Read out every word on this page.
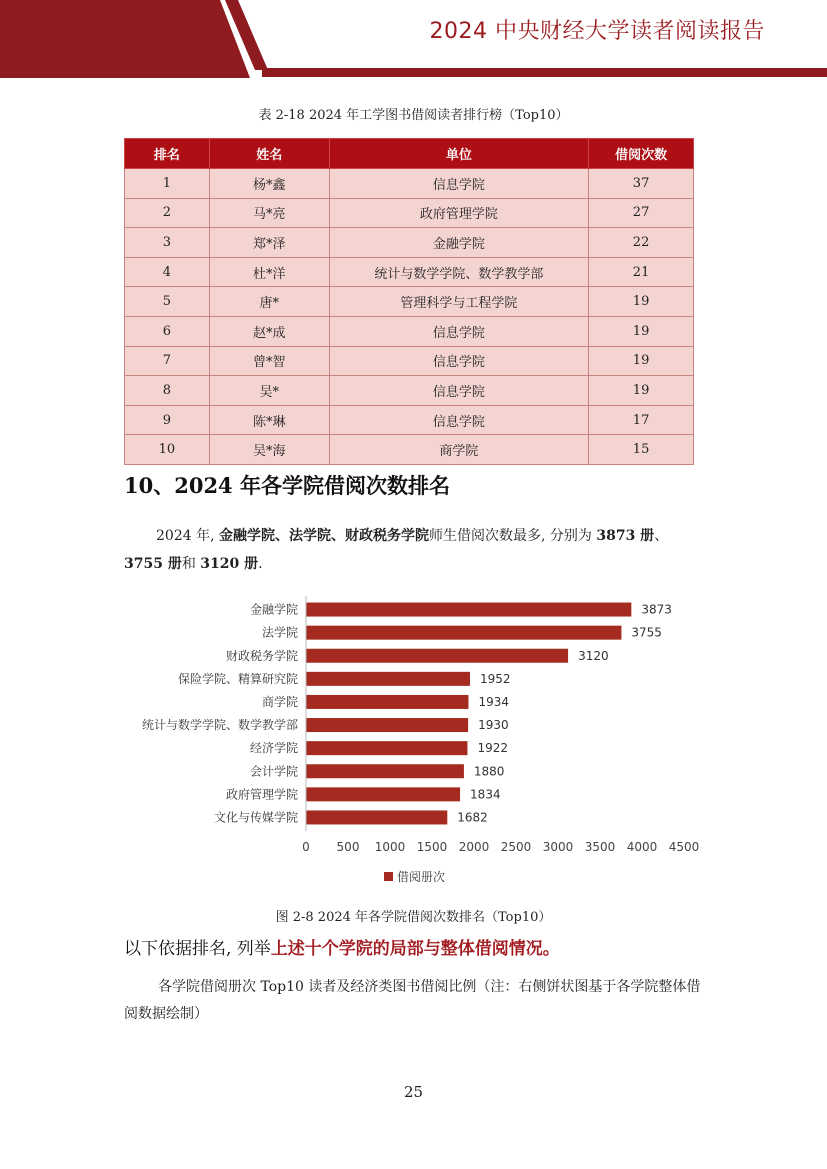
2024 中央财经大学读者阅读报告
表 2-18 2024 年工学图书借阅读者排行榜（Top10）
排名	姓名	单位	借阅次数
1	杨*鑫	信息学院	37
2	马*亮	政府管理学院	27
3	郑*泽	金融学院	22
4	杜*洋	统计与数学学院、数学教学部	21
5	唐*	管理科学与工程学院	19
6	赵*成	信息学院	19
7	曾*智	信息学院	19
8	吴*	信息学院	19
9	陈*琳	信息学院	17
10	吴*海	商学院	15
10、2024 年各学院借阅次数排名
2024 年, 金融学院、法学院、财政税务学院师生借阅次数最多, 分别为 3873 册、3755 册和 3120 册.
金融学院	3873
法学院	3755
财政税务学院	3120
保险学院、精算研究院	1952
商学院	1934
统计与数学学院、数学教学部	1930
经济学院	1922
会计学院	1880
政府管理学院	1834
文化与传媒学院	1682
0 500 1000 1500 2000 2500 3000 3500 4000 4500
借阅册次
图 2-8 2024 年各学院借阅次数排名（Top10）
以下依据排名, 列举上述十个学院的局部与整体借阅情况。
各学院借阅册次 Top10 读者及经济类图书借阅比例（注：右侧饼状图基于各学院整体借阅数据绘制）
25
